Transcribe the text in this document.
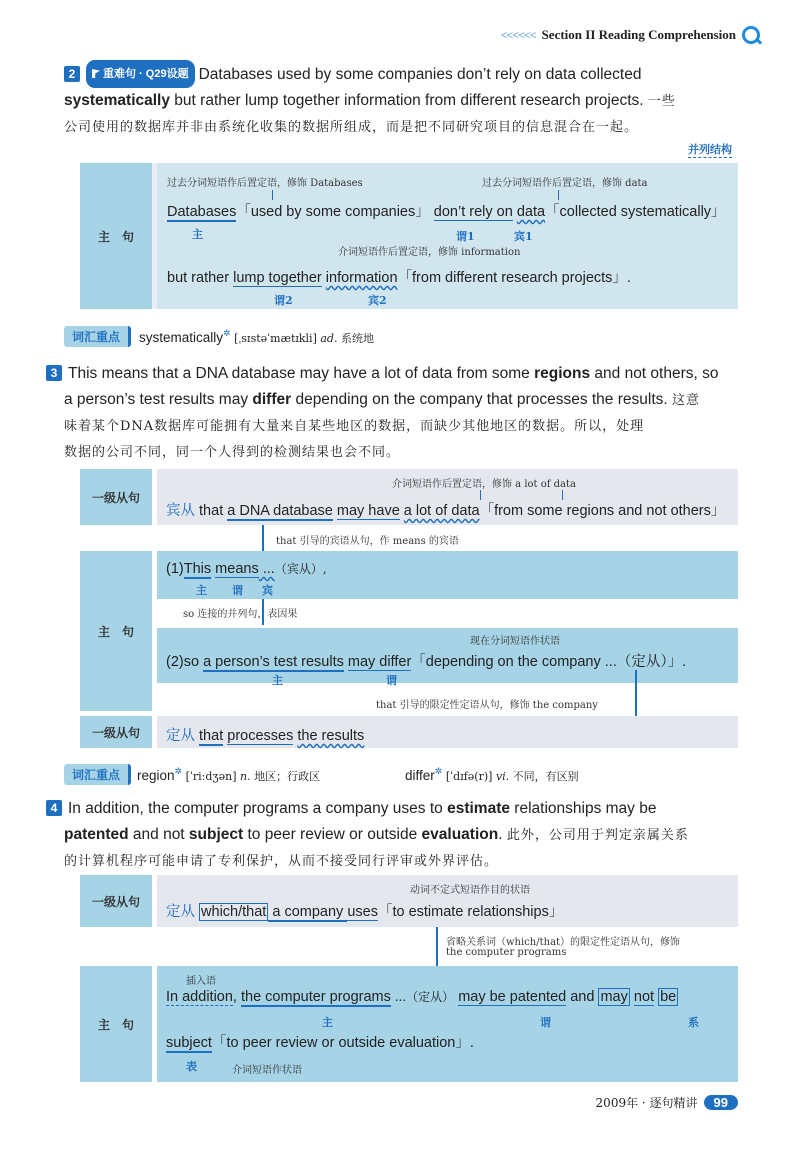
<<<<<< Section II Reading Comprehension
2	重难句 · Q29设题 Databases used by some companies don’t rely on data collected
systematically but rather lump together information from different research projects. 一些
公司使用的数据库并非由系统化收集的数据所组成，而是把不同研究项目的信息混合在一起。
并列结构
主　句
过去分词短语作后置定语，修饰 Databases	过去分词短语作后置定语，修饰 data
Databases「used by some companies」 don’t rely on data「collected systematically」
主	谓1	宾1
介词短语作后置定语，修饰 information
but rather lump together information「from different research projects」.
谓2	宾2
词汇重点	systematically✲ [ˌsɪstəˈmætɪkli] ad. 系统地
3 This means that a DNA database may have a lot of data from some regions and not others, so
a person’s test results may differ depending on the company that processes the results. 这意
味着某个DNA数据库可能拥有大量来自某些地区的数据，而缺少其他地区的数据。所以，处理
数据的公司不同，同一个人得到的检测结果也会不同。
一级从句
介词短语作后置定语，修饰 a lot of data
宾从 that a DNA database may have a lot of data「from some regions and not others」
that 引导的宾语从句，作 means 的宾语
主　句
(1)This means ...（宾从）,
主 谓 宾
so 连接的并列句，表因果
现在分词短语作状语
(2)so a person’s test results may differ「depending on the company ...（定从）」.
主	谓
that 引导的限定性定语从句，修饰 the company
一级从句	定从 that processes the results
词汇重点	region✲ [ˈriːdʒən] n. 地区；行政区	differ✲ [ˈdɪfə(r)] vi. 不同，有区别
4 In addition, the computer programs a company uses to estimate relationships may be
patented and not subject to peer review or outside evaluation. 此外，公司用于判定亲属关系
的计算机程序可能申请了专利保护，从而不接受同行评审或外界评估。
一级从句
动词不定式短语作目的状语
定从 which/that a company uses「to estimate relationships」
省略关系词（which/that）的限定性定语从句，修饰
the computer programs
主　句
插入语
In addition, the computer programs ...（定从） may be patented and may not be
主	谓	系
subject「to peer review or outside evaluation」.
表	介词短语作状语
2009年 · 逐句精讲	99
